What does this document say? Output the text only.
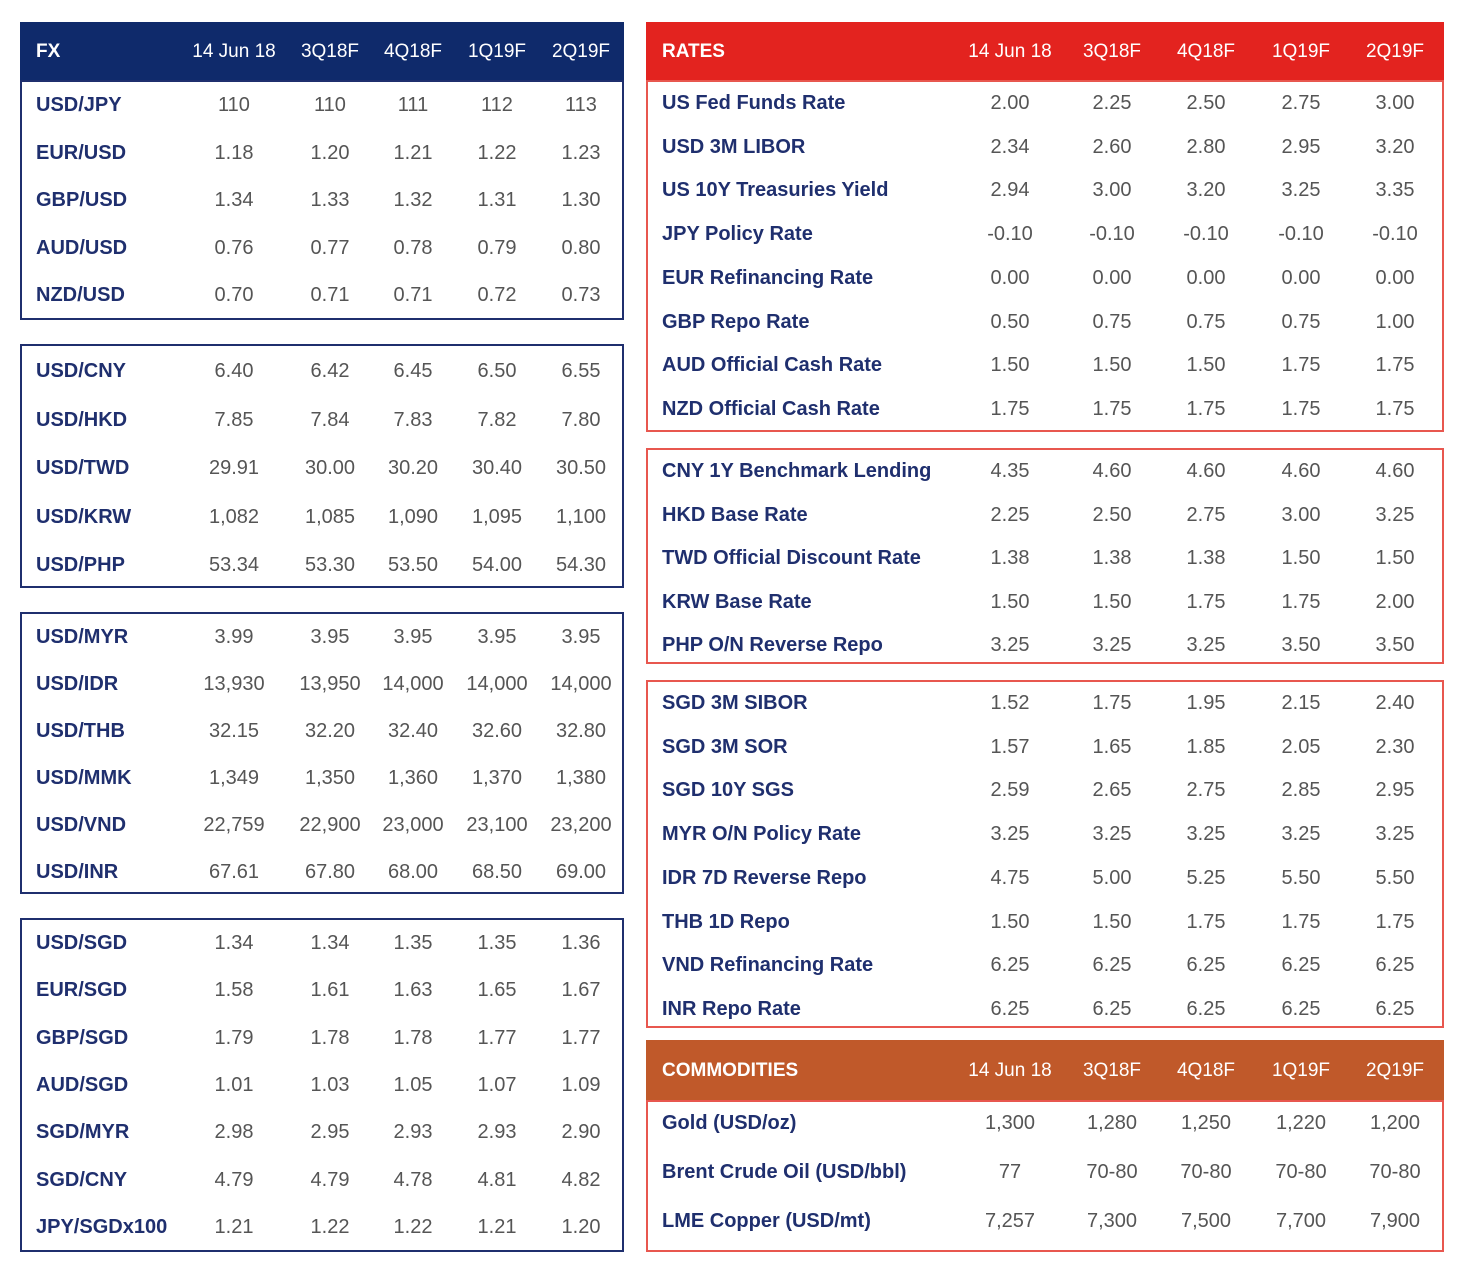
FX	14 Jun 18	3Q18F	4Q18F	1Q19F	2Q19F
USD/JPY	110	110	111	112	113
EUR/USD	1.18	1.20	1.21	1.22	1.23
GBP/USD	1.34	1.33	1.32	1.31	1.30
AUD/USD	0.76	0.77	0.78	0.79	0.80
NZD/USD	0.70	0.71	0.71	0.72	0.73
USD/CNY	6.40	6.42	6.45	6.50	6.55
USD/HKD	7.85	7.84	7.83	7.82	7.80
USD/TWD	29.91	30.00	30.20	30.40	30.50
USD/KRW	1,082	1,085	1,090	1,095	1,100
USD/PHP	53.34	53.30	53.50	54.00	54.30
USD/MYR	3.99	3.95	3.95	3.95	3.95
USD/IDR	13,930	13,950	14,000	14,000	14,000
USD/THB	32.15	32.20	32.40	32.60	32.80
USD/MMK	1,349	1,350	1,360	1,370	1,380
USD/VND	22,759	22,900	23,000	23,100	23,200
USD/INR	67.61	67.80	68.00	68.50	69.00
USD/SGD	1.34	1.34	1.35	1.35	1.36
EUR/SGD	1.58	1.61	1.63	1.65	1.67
GBP/SGD	1.79	1.78	1.78	1.77	1.77
AUD/SGD	1.01	1.03	1.05	1.07	1.09
SGD/MYR	2.98	2.95	2.93	2.93	2.90
SGD/CNY	4.79	4.79	4.78	4.81	4.82
JPY/SGDx100	1.21	1.22	1.22	1.21	1.20
RATES	14 Jun 18	3Q18F	4Q18F	1Q19F	2Q19F
US Fed Funds Rate	2.00	2.25	2.50	2.75	3.00
USD 3M LIBOR	2.34	2.60	2.80	2.95	3.20
US 10Y Treasuries Yield	2.94	3.00	3.20	3.25	3.35
JPY Policy Rate	-0.10	-0.10	-0.10	-0.10	-0.10
EUR Refinancing Rate	0.00	0.00	0.00	0.00	0.00
GBP Repo Rate	0.50	0.75	0.75	0.75	1.00
AUD Official Cash Rate	1.50	1.50	1.50	1.75	1.75
NZD Official Cash Rate	1.75	1.75	1.75	1.75	1.75
CNY 1Y Benchmark Lending	4.35	4.60	4.60	4.60	4.60
HKD Base Rate	2.25	2.50	2.75	3.00	3.25
TWD Official Discount Rate	1.38	1.38	1.38	1.50	1.50
KRW Base Rate	1.50	1.50	1.75	1.75	2.00
PHP O/N Reverse Repo	3.25	3.25	3.25	3.50	3.50
SGD 3M SIBOR	1.52	1.75	1.95	2.15	2.40
SGD 3M SOR	1.57	1.65	1.85	2.05	2.30
SGD 10Y SGS	2.59	2.65	2.75	2.85	2.95
MYR O/N Policy Rate	3.25	3.25	3.25	3.25	3.25
IDR 7D Reverse Repo	4.75	5.00	5.25	5.50	5.50
THB 1D Repo	1.50	1.50	1.75	1.75	1.75
VND Refinancing Rate	6.25	6.25	6.25	6.25	6.25
INR Repo Rate	6.25	6.25	6.25	6.25	6.25
COMMODITIES	14 Jun 18	3Q18F	4Q18F	1Q19F	2Q19F
Gold (USD/oz)	1,300	1,280	1,250	1,220	1,200
Brent Crude Oil (USD/bbl)	77	70-80	70-80	70-80	70-80
LME Copper (USD/mt)	7,257	7,300	7,500	7,700	7,900
